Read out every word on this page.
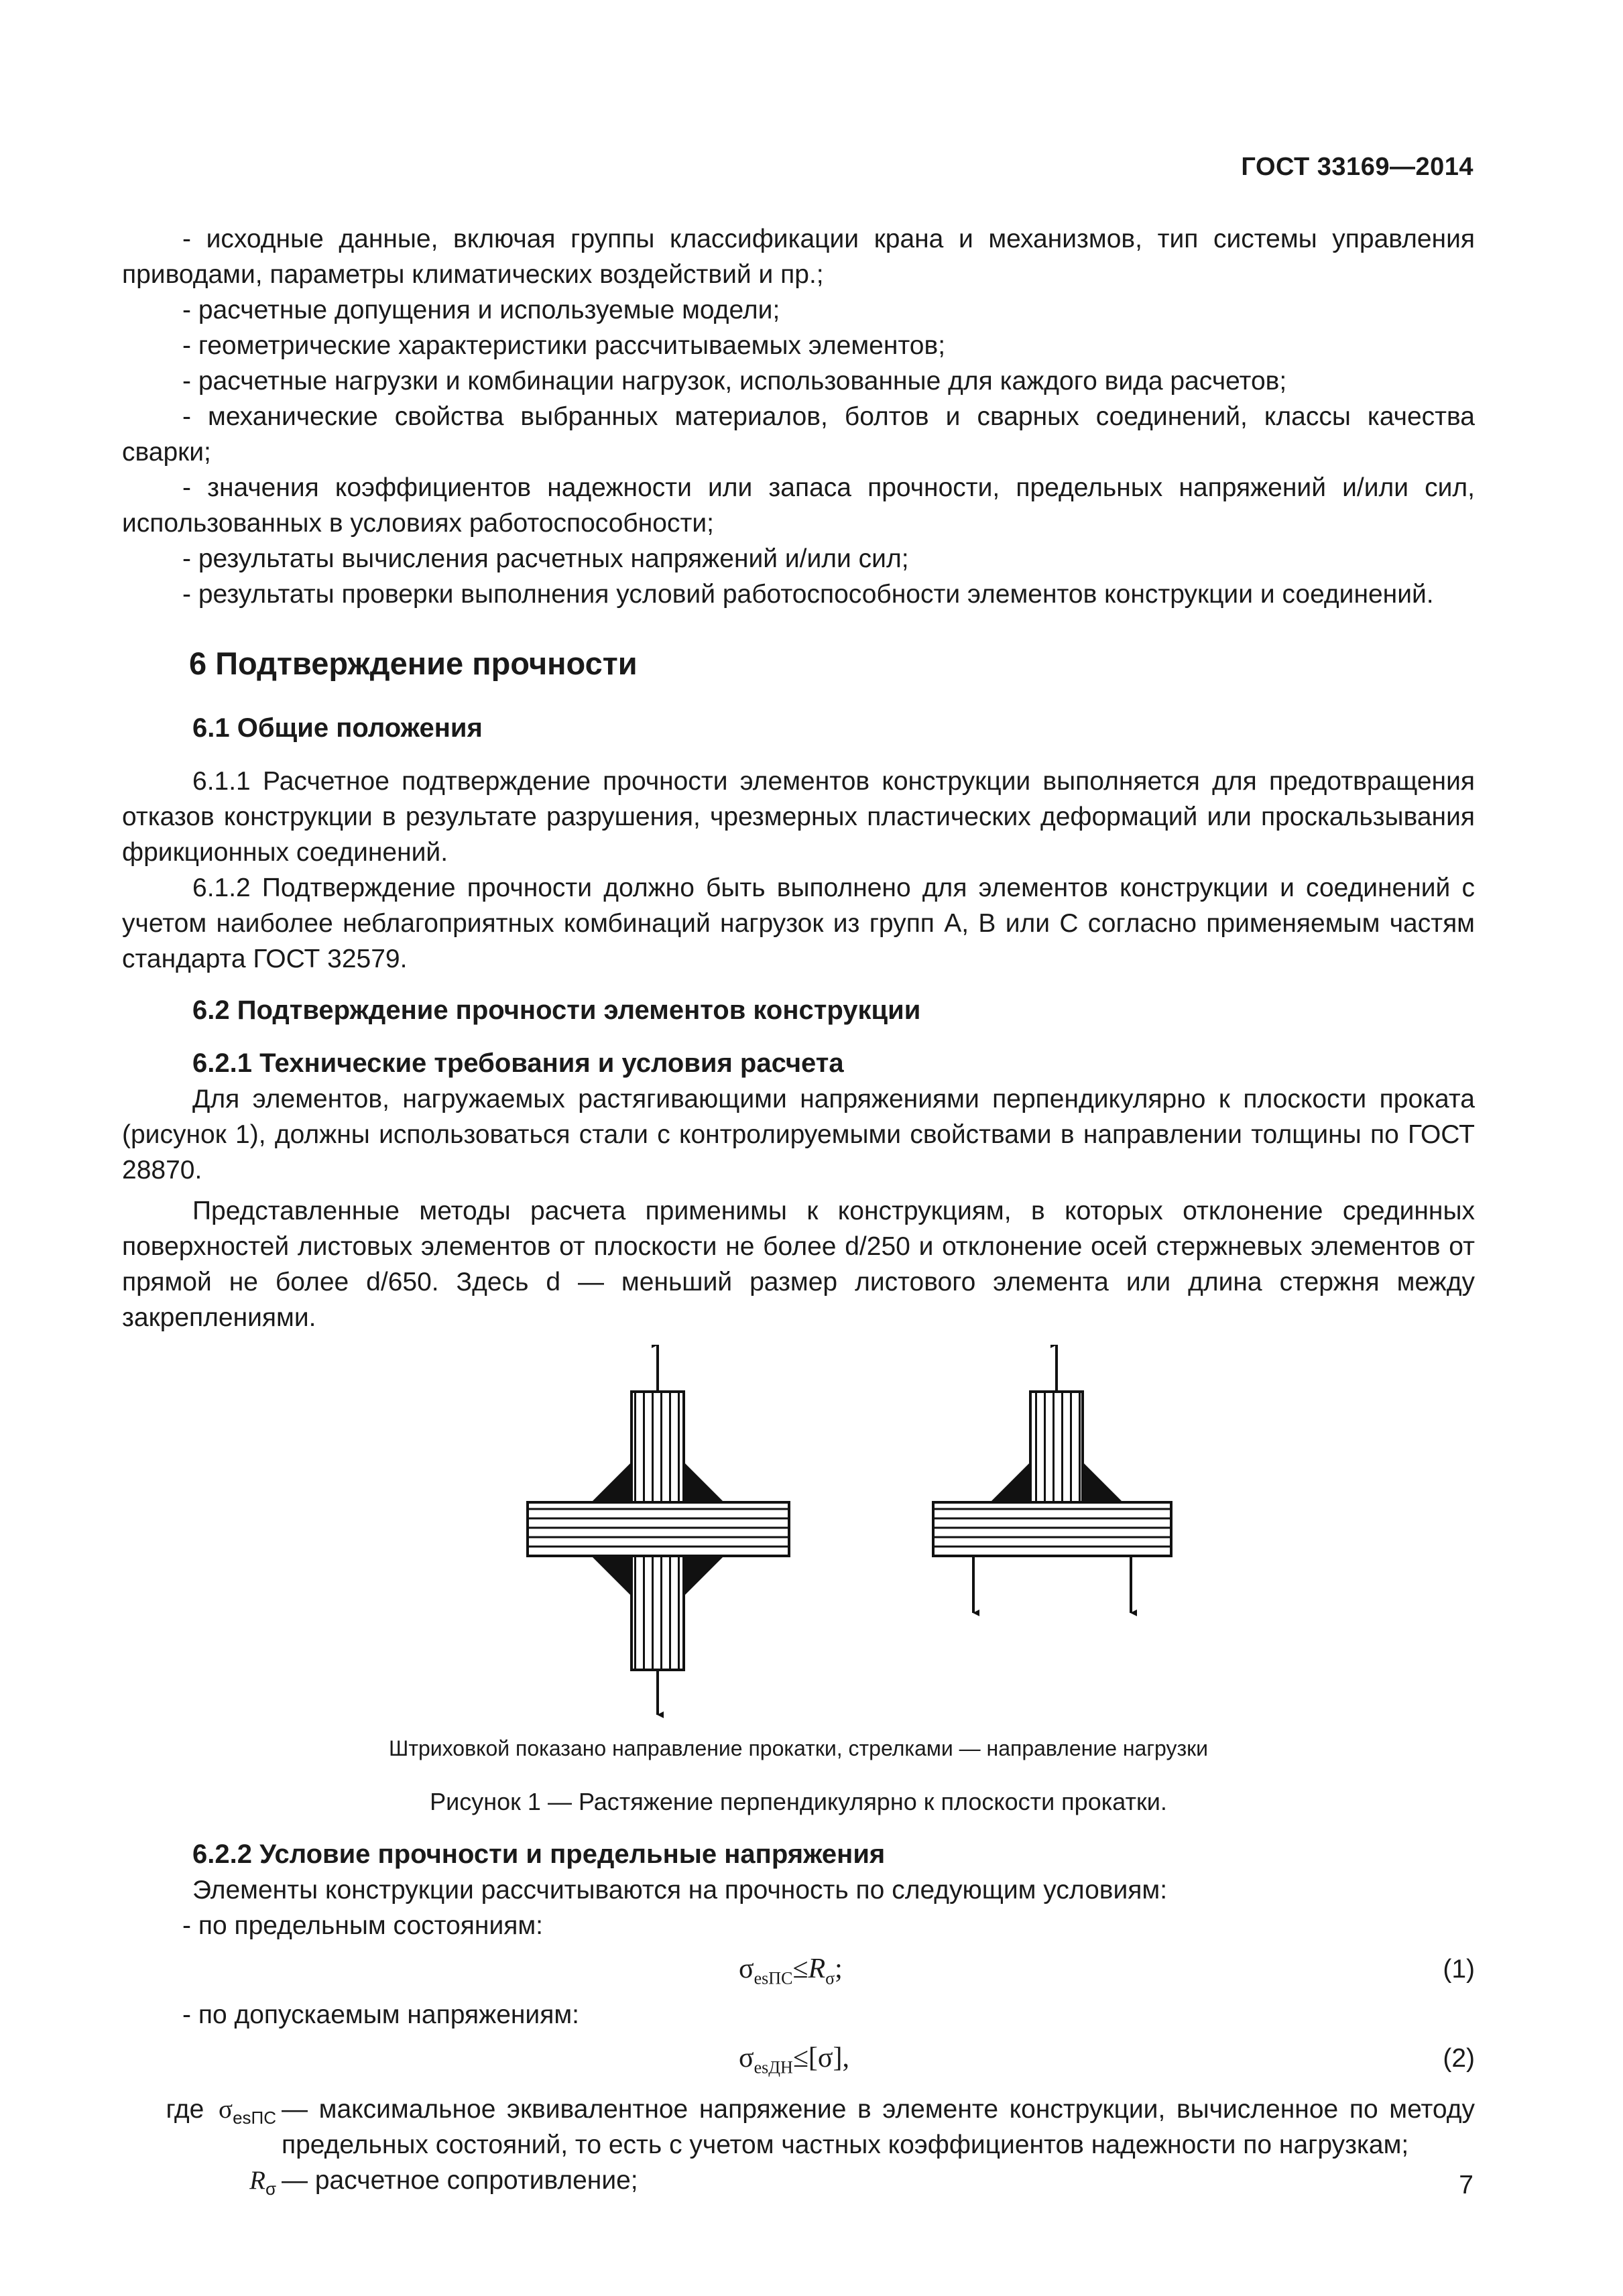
ГОСТ 33169—2014

- исходные данные, включая группы классификации крана и механизмов, тип системы управления приводами, параметры климатических воздействий и пр.;

- расчетные допущения и используемые модели;

- геометрические характеристики рассчитываемых элементов;

- расчетные нагрузки и комбинации нагрузок, использованные для каждого вида расчетов;

- механические свойства выбранных материалов, болтов и сварных соединений, классы качества сварки;

- значения коэффициентов надежности или запаса прочности, предельных напряжений и/или сил, использованных в условиях работоспособности;

- результаты вычисления расчетных напряжений и/или сил;

- результаты проверки выполнения условий работоспособности элементов конструкции и соединений.

6 Подтверждение прочности
6.1 Общие положения

6.1.1 Расчетное подтверждение прочности элементов конструкции выполняется для предотвращения отказов конструкции в результате разрушения, чрезмерных пластических деформаций или проскальзывания фрикционных соединений.

6.1.2 Подтверждение прочности должно быть выполнено для элементов конструкции и соединений с учетом наиболее неблагоприятных комбинаций нагрузок из групп А, В или С согласно применяемым частям стандарта ГОСТ 32579.

6.2 Подтверждение прочности элементов конструкции
6.2.1 Технические требования и условия расчета

Для элементов, нагружаемых растягивающими напряжениями перпендикулярно к плоскости проката (рисунок 1), должны использоваться стали с контролируемыми свойствами в направлении толщины по ГОСТ 28870.

Представленные методы расчета применимы к конструкциям, в которых отклонение срединных поверхностей листовых элементов от плоскости не более d/250 и отклонение осей стержневых элементов от прямой не более d/650. Здесь d — меньший размер листового элемента или длина стержня между закреплениями.

Штриховкой показано направление прокатки, стрелками — направление нагрузки
Рисунок 1 — Растяжение перпендикулярно к плоскости прокатки.
6.2.2 Условие прочности и предельные напряжения

Элементы конструкции рассчитываются на прочность по следующим условиям:

- по предельным состояниям:

$\sigma_{esПС}\le R_\sigma$;	(1)

- по допускаемым напряжениям:

$\sigma_{esДН}\le[\sigma]$,	(2)
где $\sigma_{esПС}$ — максимальное эквивалентное напряжение в элементе конструкции, вычисленное по методу предельных состояний, то есть с учетом частных коэффициентов надежности по нагрузкам;
$R_\sigma$ — расчетное сопротивление;	7
